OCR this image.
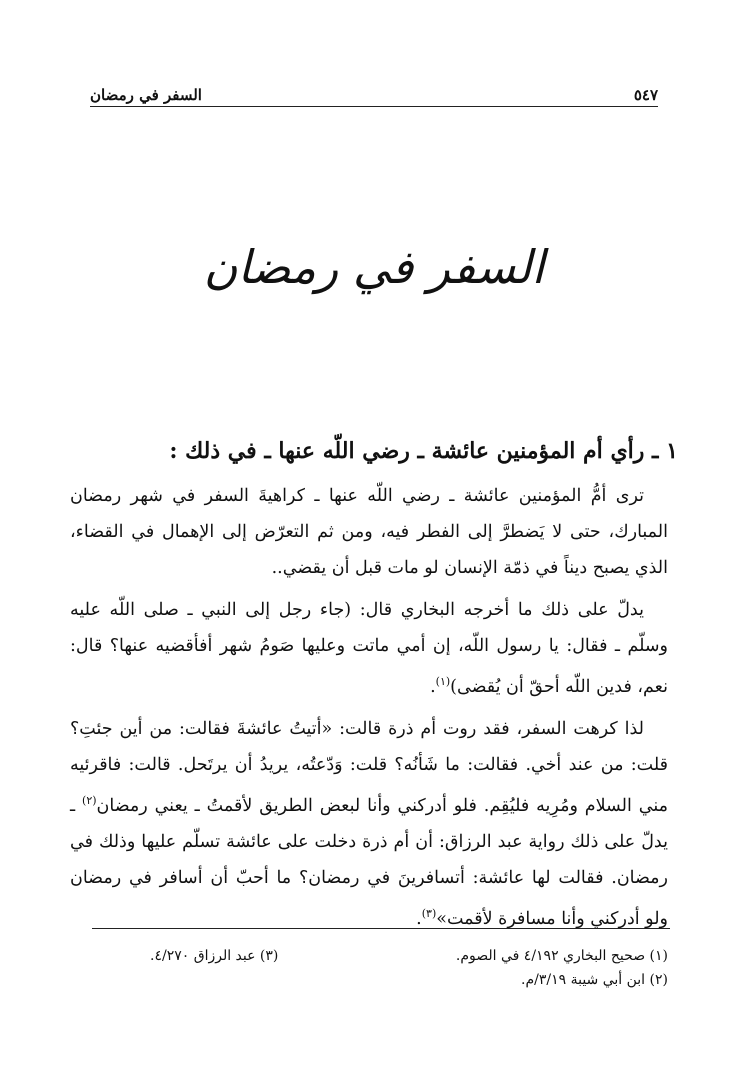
٥٤٧
السفر في رمضان
السفر في رمضان
١ ـ رأي أم المؤمنين عائشة ـ رضي اللّه عنها ـ في ذلك :

ترى أمُّ المؤمنين عائشة ـ رضي اللّه عنها ـ كراهيةَ السفر في شهر رمضان المبارك، حتى لا يَضطرَّ إلى الفطر فيه، ومن ثم التعرّض إلى الإهمال في القضاء، الذي يصبح ديناً في ذمّة الإنسان لو مات قبل أن يقضي..

يدلّ على ذلك ما أخرجه البخاري قال: (جاء رجل إلى النبي ـ صلى اللّه عليه وسلّم ـ فقال: يا رسول اللّه، إن أمي ماتت وعليها صَومُ شهر أفأقضيه عنها؟ قال: نعم، فدين اللّه أحقّ أن يُقضى)$^{(١)}$.

لذا كرهت السفر، فقد روت أم ذرة قالت: «أتيتُ عائشةَ فقالت: من أين جئتِ؟ قلت: من عند أخي. فقالت: ما شَأنُه؟ قلت: وَدّعتُه، يريدُ أن يرتَحل. قالت: فاقرئيه مني السلام ومُرِيه فليُقِم. فلو أدركني وأنا لبعض الطريق لأقمتُ ـ يعني رمضان$^{(٢)}$ ـ يدلّ على ذلك رواية عبد الرزاق: أن أم ذرة دخلت على عائشة تسلّم عليها وذلك في رمضان. فقالت لها عائشة: أتسافرينَ في رمضان؟ ما أحبّ أن أسافر في رمضان ولو أدركني وأنا مسافرة لأقمت»$^{(٣)}$.

(١) صحيح البخاري ٤/١٩٢ في الصوم.
(٣) عبد الرزاق ٤/٢٧٠.
(٢) ابن أبي شيبة ٣/١٩/م.
